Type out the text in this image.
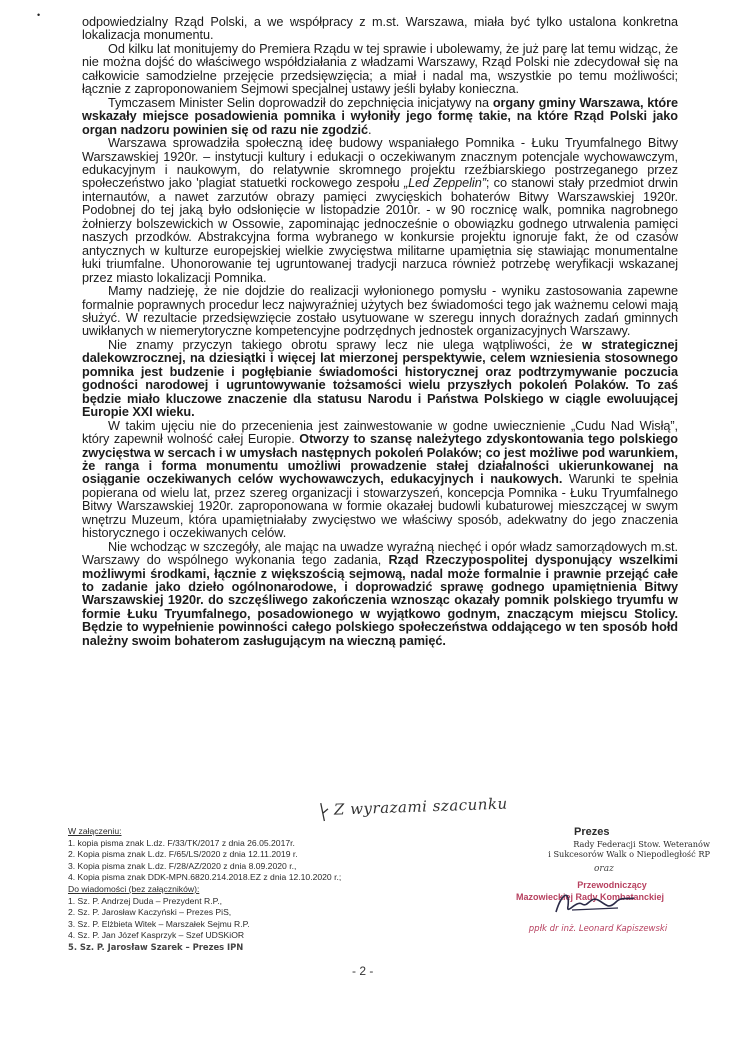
•	odpowiedzialny Rząd Polski, a we współpracy z m.st. Warszawa, miała być tylko ustalona konkretna lokalizacja monumentu.

Od kilku lat monitujemy do Premiera Rządu w tej sprawie i ubolewamy, że już parę lat temu widząc, że nie można dojść do właściwego współdziałania z władzami Warszawy, Rząd Polski nie zdecydował się na całkowicie samodzielne przejęcie przedsięwzięcia; a miał i nadal ma, wszystkie po temu możliwości; łącznie z zaproponowaniem Sejmowi specjalnej ustawy jeśli byłaby konieczna.

Tymczasem Minister Selin doprowadził do zepchnięcia inicjatywy na organy gminy Warszawa, które wskazały miejsce posadowienia pomnika i wyłoniły jego formę takie, na które Rząd Polski jako organ nadzoru powinien się od razu nie zgodzić.

Warszawa sprowadziła społeczną ideę budowy wspaniałego Pomnika - Łuku Tryumfalnego Bitwy Warszawskiej 1920r. – instytucji kultury i edukacji o oczekiwanym znacznym potencjale wychowawczym, edukacyjnym i naukowym, do relatywnie skromnego projektu rzeźbiarskiego postrzeganego przez społeczeństwo jako 'plagiat statuetki rockowego zespołu „Led Zeppelin”; co stanowi stały przedmiot drwin internautów, a nawet zarzutów obrazy pamięci zwycięskich bohaterów Bitwy Warszawskiej 1920r. Podobnej do tej jaką było odsłonięcie w listopadzie 2010r. - w 90 rocznicę walk, pomnika nagrobnego żołnierzy bolszewickich w Ossowie, zapominając jednocześnie o obowiązku godnego utrwalenia pamięci naszych przodków. Abstrakcyjna forma wybranego w konkursie projektu ignoruje fakt, że od czasów antycznych w kulturze europejskiej wielkie zwycięstwa militarne upamiętnia się stawiając monumentalne łuki triumfalne. Uhonorowanie tej ugruntowanej tradycji narzuca również potrzebę weryfikacji wskazanej przez miasto lokalizacji Pomnika.

Mamy nadzieję, że nie dojdzie do realizacji wyłonionego pomysłu - wyniku zastosowania zapewne formalnie poprawnych procedur lecz najwyraźniej użytych bez świadomości tego jak ważnemu celowi mają służyć. W rezultacie przedsięwzięcie zostało usytuowane w szeregu innych doraźnych zadań gminnych uwikłanych w niemerytoryczne kompetencyjne podrzędnych jednostek organizacyjnych Warszawy.

Nie znamy przyczyn takiego obrotu sprawy lecz nie ulega wątpliwości, że w strategicznej dalekowzrocznej, na dziesiątki i więcej lat mierzonej perspektywie, celem wzniesienia stosownego pomnika jest budzenie i pogłębianie świadomości historycznej oraz podtrzymywanie poczucia godności narodowej i ugruntowywanie tożsamości wielu przyszłych pokoleń Polaków. To zaś będzie miało kluczowe znaczenie dla statusu Narodu i Państwa Polskiego w ciągle ewoluującej Europie XXI wieku.

W takim ujęciu nie do przecenienia jest zainwestowanie w godne uwiecznienie „Cudu Nad Wisłą”, który zapewnił wolność całej Europie. Otworzy to szansę należytego zdyskontowania tego polskiego zwycięstwa w sercach i w umysłach następnych pokoleń Polaków; co jest możliwe pod warunkiem, że ranga i forma monumentu umożliwi prowadzenie stałej działalności ukierunkowanej na osiąganie oczekiwanych celów wychowawczych, edukacyjnych i naukowych. Warunki te spełnia popierana od wielu lat, przez szereg organizacji i stowarzyszeń, koncepcja Pomnika - Łuku Tryumfalnego Bitwy Warszawskiej 1920r. zaproponowana w formie okazałej budowli kubaturowej mieszczącej w swym wnętrzu Muzeum, która upamiętniałaby zwycięstwo we właściwy sposób, adekwatny do jego znaczenia historycznego i oczekiwanych celów.

Nie wchodząc w szczegóły, ale mając na uwadze wyraźną niechęć i opór władz samorządowych m.st. Warszawy do wspólnego wykonania tego zadania, Rząd Rzeczypospolitej dysponujący wszelkimi możliwymi środkami, łącznie z większością sejmową, nadal może formalnie i prawnie przejąć całe to zadanie jako dzieło ogólnonarodowe, i doprowadzić sprawę godnego upamiętnienia Bitwy Warszawskiej 1920r. do szczęśliwego zakończenia wznosząc okazały pomnik polskiego tryumfu w formie Łuku Tryumfalnego, posadowionego w wyjątkowo godnym, znaczącym miejscu Stolicy. Będzie to wypełnienie powinności całego polskiego społeczeństwa oddającego w ten sposób hołd należny swoim bohaterom zasługującym na wieczną pamięć.

Z wyrazami szacunku
W załączeniu:
1. kopia pisma znak L.dz. F/33/TK/2017 z dnia 26.05.2017r.
2. Kopia pisma znak L.dz. F/65/LS/2020 z dnia 12.11.2019 r.
3. Kopia pisma znak L.dz. F/28/AZ/2020 z dnia 8.09.2020 r.,
4. Kopia pisma znak DDK-MPN.6820.214.2018.EZ z dnia 12.10.2020 r.;
Do wiadomości (bez załączników):
1. Sz. P. Andrzej Duda – Prezydent R.P.,
2. Sz. P. Jarosław Kaczyński – Prezes PiS,
3. Sz. P. Elżbieta Witek – Marszałek Sejmu R.P.
4. Sz. P. Jan Józef Kasprzyk – Szef UDSKiOR
5. Sz. P. Jarosław Szarek – Prezes IPN
Prezes
Rady Federacji Stow. Weteranów
i Sukcesorów Walk o Niepodległość RP
oraz
Przewodniczący
Mazowieckiej Rady Kombatanckiej
ppłk dr inż. Leonard Kapiszewski
- 2 -
